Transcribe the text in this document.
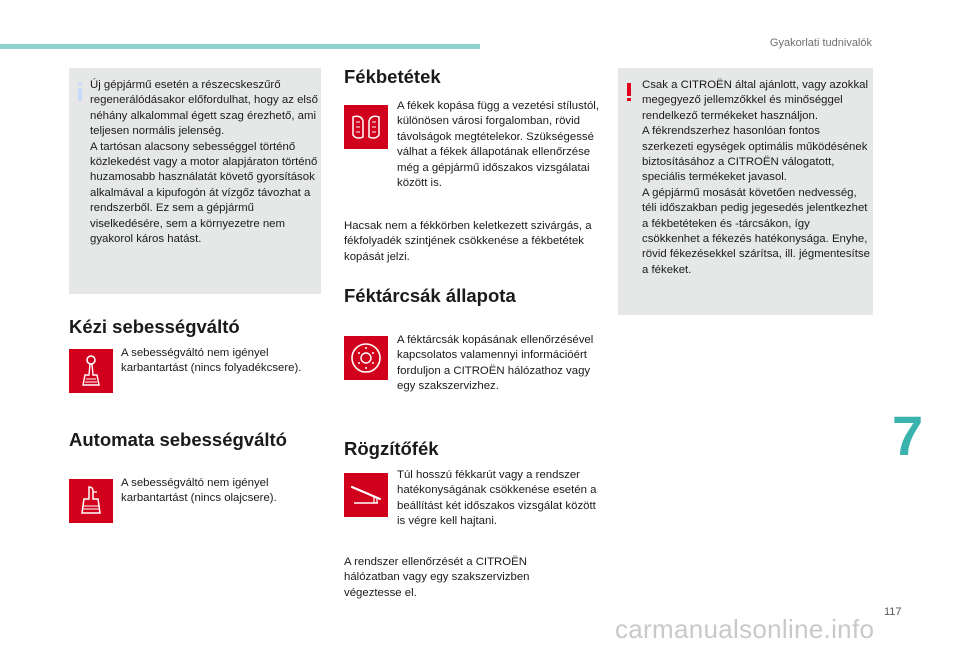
Gyakorlati tudnivalók
Új gépjármű esetén a részecskeszűrő regenerálódásakor előfordulhat, hogy az első néhány alkalommal égett szag érezhető, ami teljesen normális jelenség.
A tartósan alacsony sebességgel történő közlekedést vagy a motor alapjáraton történő huzamosabb használatát követő gyorsítások alkalmával a kipufogón át vízgőz távozhat a rendszerből. Ez sem a gépjármű viselkedésére, sem a környezetre nem gyakorol káros hatást.
Kézi sebességváltó
A sebességváltó nem igényel karbantartást (nincs folyadékcsere).
Automata sebességváltó
A sebességváltó nem igényel karbantartást (nincs olajcsere).
Fékbetétek
A fékek kopása függ a vezetési stílustól, különösen városi forgalomban, rövid távolságok megtételekor. Szükségessé válhat a fékek állapotának ellenőrzése még a gépjármű időszakos vizsgálatai között is.
Hacsak nem a fékkörben keletkezett szivárgás, a fékfolyadék szintjének csökkenése a fékbetétek kopását jelzi.
Féktárcsák állapota
A féktárcsák kopásának ellenőrzésével kapcsolatos valamennyi információért forduljon a CITROËN hálózathoz vagy egy szakszervizhez.
Rögzítőfék
Túl hosszú fékkarút vagy a rendszer hatékonyságának csökkenése esetén a beállítást két időszakos vizsgálat között is végre kell hajtani.
A rendszer ellenőrzését a CITROËN hálózatban vagy egy szakszervizben végeztesse el.
Csak a CITROËN által ajánlott, vagy azokkal megegyező jellemzőkkel és minőséggel rendelkező termékeket használjon.
A fékrendszerhez hasonlóan fontos szerkezeti egységek optimális működésének biztosításához a CITROËN válogatott, speciális termékeket javasol.
A gépjármű mosását követően nedvesség, téli időszakban pedig jegesedés jelentkezhet a fékbetéteken és -tárcsákon, így csökkenhet a fékezés hatékonysága. Enyhe, rövid fékezésekkel szárítsa, ill. jégmentesítse a fékeket.
7
117
carmanualsonline.info
